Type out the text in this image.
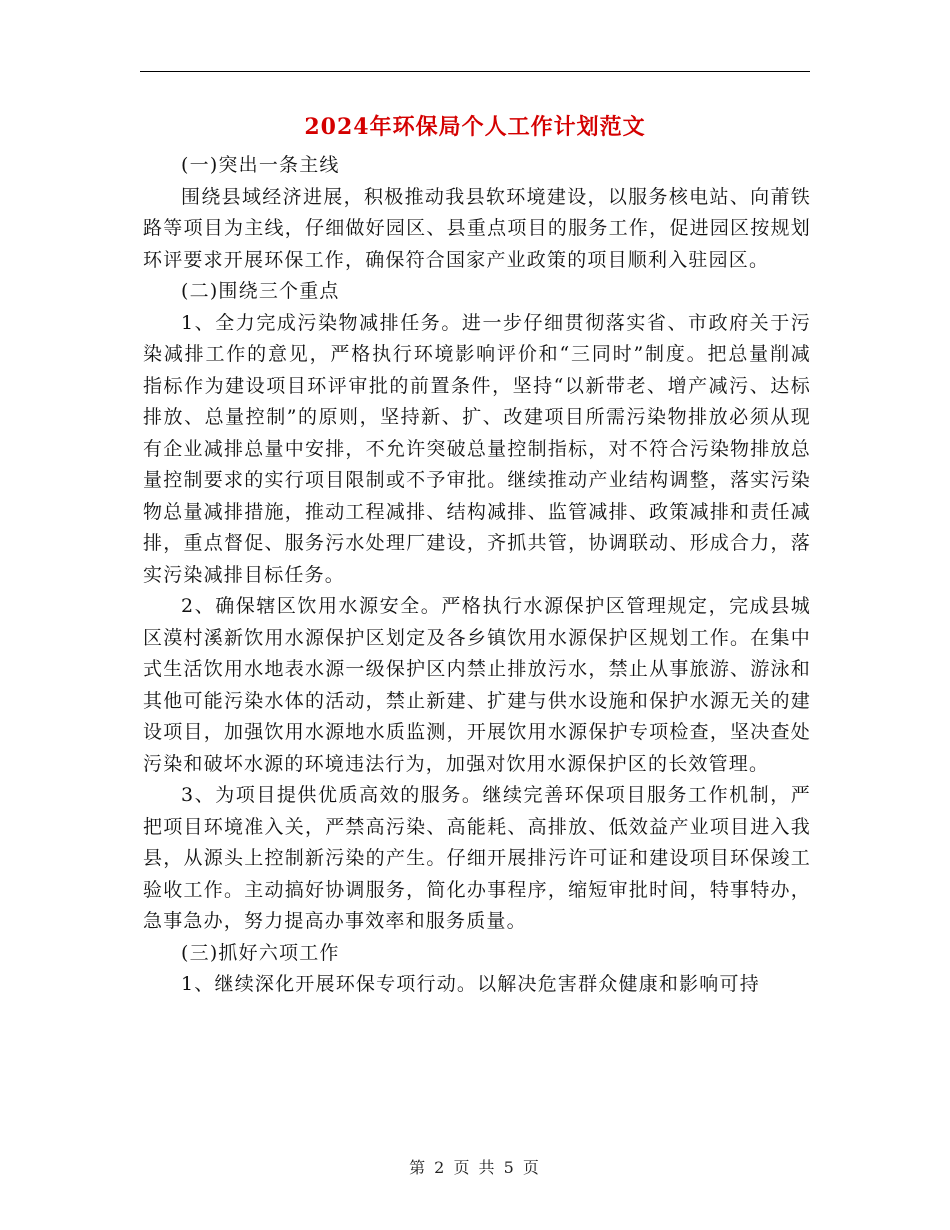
2024年环保局个人工作计划范文

(一)突出一条主线

围绕县域经济进展，积极推动我县软环境建设，以服务核电站、向莆铁路等项目为主线，仔细做好园区、县重点项目的服务工作，促进园区按规划环评要求开展环保工作，确保符合国家产业政策的项目顺利入驻园区。

(二)围绕三个重点

1、全力完成污染物减排任务。进一步仔细贯彻落实省、市政府关于污染减排工作的意见，严格执行环境影响评价和“三同时”制度。把总量削减指标作为建设项目环评审批的前置条件，坚持“以新带老、增产减污、达标排放、总量控制”的原则，坚持新、扩、改建项目所需污染物排放必须从现有企业减排总量中安排，不允许突破总量控制指标，对不符合污染物排放总量控制要求的实行项目限制或不予审批。继续推动产业结构调整，落实污染物总量减排措施，推动工程减排、结构减排、监管减排、政策减排和责任减排，重点督促、服务污水处理厂建设，齐抓共管，协调联动、形成合力，落实污染减排目标任务。

2、确保辖区饮用水源安全。严格执行水源保护区管理规定，完成县城区漠村溪新饮用水源保护区划定及各乡镇饮用水源保护区规划工作。在集中式生活饮用水地表水源一级保护区内禁止排放污水，禁止从事旅游、游泳和其他可能污染水体的活动，禁止新建、扩建与供水设施和保护水源无关的建设项目，加强饮用水源地水质监测，开展饮用水源保护专项检查，坚决查处污染和破坏水源的环境违法行为，加强对饮用水源保护区的长效管理。

3、为项目提供优质高效的服务。继续完善环保项目服务工作机制，严把项目环境准入关，严禁高污染、高能耗、高排放、低效益产业项目进入我县，从源头上控制新污染的产生。仔细开展排污许可证和建设项目环保竣工验收工作。主动搞好协调服务，简化办事程序，缩短审批时间，特事特办，急事急办，努力提高办事效率和服务质量。

(三)抓好六项工作

1、继续深化开展环保专项行动。以解决危害群众健康和影响可持

第 2 页 共 5 页
